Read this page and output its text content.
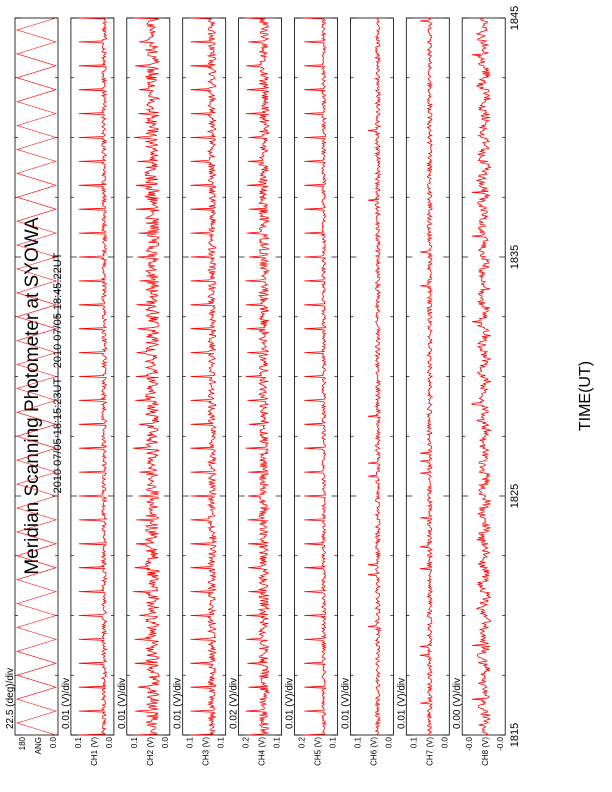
Meridian Scanning Photometer at SYOWA 2010 07/05 18:15:23UT - 2010 07/05 18:45:22UT
22.5 (deg)/div
180	0.0
ANG
0.01 (V)/div
0.1	0.0
CH1 (V)
0.01 (V)/div
0.1	0.0
CH2 (V)
0.01 (V)/div
0.1	0.1
CH3 (V)
0.02 (V)/div
0.2	0.1
CH4 (V)
0.01 (V)/div
0.2	0.1
CH5 (V)
0.01 (V)/div
0.1	0.0
CH6 (V)
0.01 (V)/div
0.1	0.0
CH7 (V)
0.00 (V)/div
-0.0	-0.0
CH8 (V)
1815
1825
1835
1845
TIME(UT)
